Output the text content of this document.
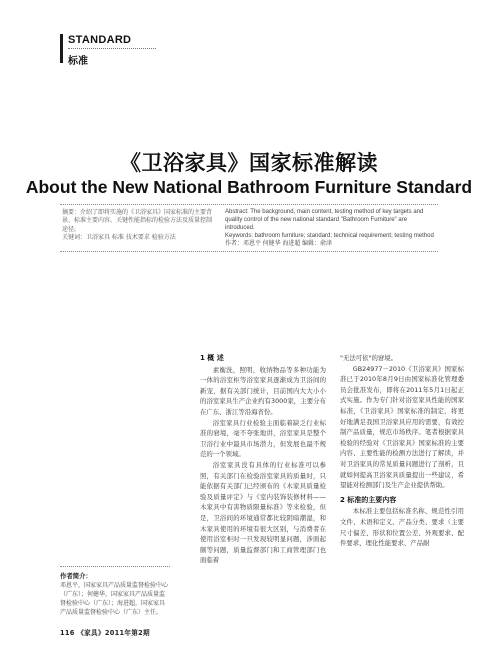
STANDARD
标准
《卫浴家具》国家标准解读
About the New National Bathroom Furniture Standard

摘要：介绍了即将实施的《卫浴家具》国家标准的主要背景、标准主要内容、关键性能指标的检验方法及质量控制途径。

关键词：卫浴家具 标准 技术要求 检验方法

Abstract: The background, main content, testing method of key targets and quality control of the new national standard "Bathroom Furniture" are introduced.

Keywords: bathroom furniture; standard; technical requirement; testing method

作者：邓恩平 何健华 海进超 编辑：俞津

1 概 述

素衡洗，照明，收纳物品等多种功能为一体的浴室柜等浴室家具逐渐成为卫浴间的新宠，据有关部门统计，目前国内大大小小的浴室家具生产企业约有3000家，主要分布在广东、浙江等沿海省份。

浴室家具行业检验主面临着缺乏行业标准的窘境，毫不夸张地讲，浴室家具是整个卫浴行业中最具市场潜力，但发展也最不规范的一个领域。

浴室家具没有具体的行业标准可以参照，有关部门在检验浴室家具的质量时，只能依据有关部门已经颁布的《木家具质量检验及质量评定》与《室内装饰装修材料——木家具中有害物质限量标准》等来检验，但是，卫浴间的环境通常都比较阴暗潮湿，和木家具使用的环境有很大区别，与消费者在使用浴室柜时一旦发现较明显问题，涉面起颇等问题，质量监督部门和工商管理部门也面临着

"无法可依"的窘境。

GB24977－2010《卫浴家具》国家标准已于2010年8月9日由国家标准化管理委员会批准发布，即将在2011年5月1日起正式实施。作为专门针对浴室家具性能的国家标准，《卫浴家具》国家标准的制定，将更好地满足我国卫浴家具应用的需要，有效控制产品质量，规范市场秩序。笔者根据家具检验的经验对《卫浴家具》国家标准的主要内容、主要性能的检测方法进行了解读，并对卫浴家具的常见质量问题进行了剖析，且就如何提高卫浴家具质量提出一些建议，希望能对检测部门及生产企业提供帮助。

2 标准的主要内容

本标准主要包括标准名称、规范性引用文件、术语和定义、产品分类、要求（主要尺寸偏差、形状和位置公差、外观要求、配件要求、理化性能要求、产品耐

作者简介：
邓恩平，国家家具产品质量监督检验中心（广东）；何健华，国家家具产品质量监督检验中心（广东）；海进超，国家家具产品质量监督检验中心（广东）主任。
116 《家具》2011年第2期
